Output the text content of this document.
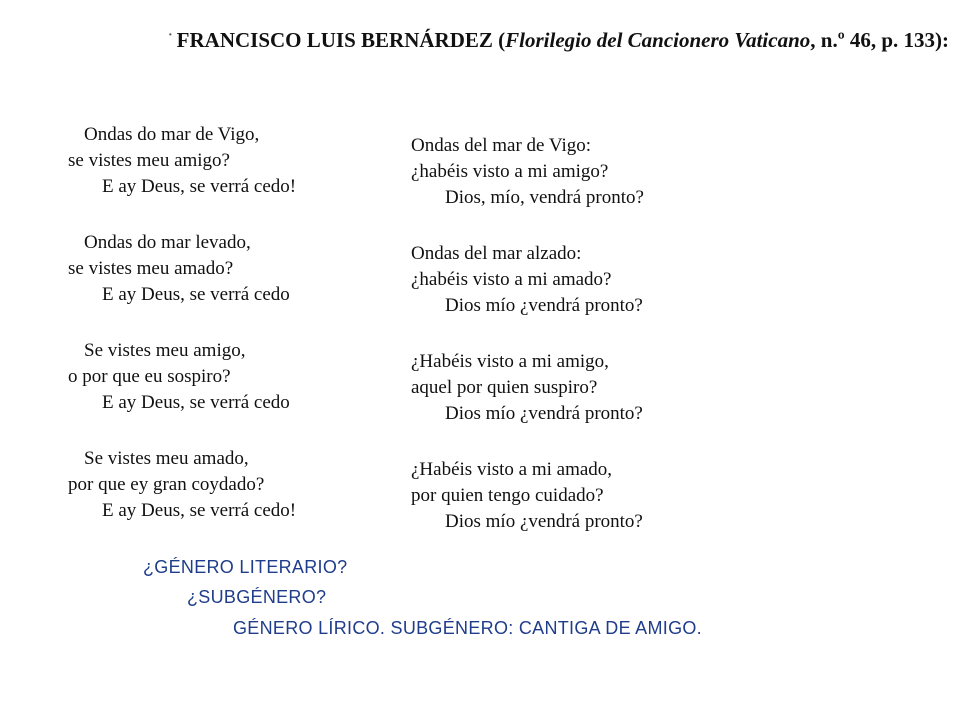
· FRANCISCO LUIS BERNÁRDEZ (Florilegio del Cancionero Vaticano, n.º 46, p. 133):
Ondas do mar de Vigo,
se vistes meu amigo?
E ay Deus, se verrá cedo!
Ondas do mar levado,
se vistes meu amado?
E ay Deus, se verrá cedo
Se vistes meu amigo,
o por que eu sospiro?
E ay Deus, se verrá cedo
Se vistes meu amado,
por que ey gran coydado?
E ay Deus, se verrá cedo!
Ondas del mar de Vigo:
¿habéis visto a mi amigo?
Dios, mío, vendrá pronto?
Ondas del mar alzado:
¿habéis visto a mi amado?
Dios mío ¿vendrá pronto?
¿Habéis visto a mi amigo,
aquel por quien suspiro?
Dios mío ¿vendrá pronto?
¿Habéis visto a mi amado,
por quien tengo cuidado?
Dios mío ¿vendrá pronto?
¿GÉNERO LITERARIO?
¿SUBGÉNERO?
GÉNERO LÍRICO. SUBGÉNERO: CANTIGA DE AMIGO.
